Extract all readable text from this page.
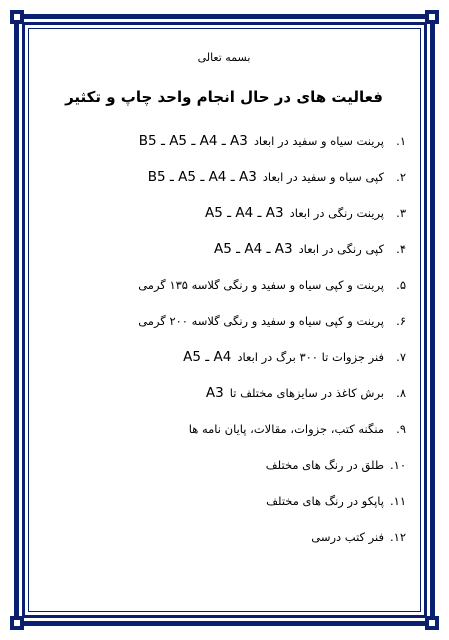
بسمه تعالی
فعالیت های در حال انجام واحد چاپ و تکثیر
۱.
پرینت سیاه و سفید در ابعاد
B5 ـ A5 ـ A4 ـ A3
۲.
کپی سیاه و سفید در ابعاد
B5 ـ A5 ـ A4 ـ A3
۳.
پرینت رنگی در ابعاد
A5 ـ A4 ـ A3
۴.
کپی رنگی در ابعاد
A5 ـ A4 ـ A3
۵.
پرینت و کپی سیاه و سفید و رنگی گلاسه ۱۳۵ گرمی
۶.
پرینت و کپی سیاه و سفید و رنگی گلاسه ۲۰۰ گرمی
۷.
فنر جزوات تا ۳۰۰ برگ در ابعاد
A5 ـ A4
۸.
برش کاغذ در سایزهای مختلف تا
A3
۹.
منگنه کتب، جزوات، مقالات، پایان نامه ها
۱۰.
طلق در رنگ های مختلف
۱۱.
پاپکو در رنگ های مختلف
۱۲.
فنر کتب درسی
